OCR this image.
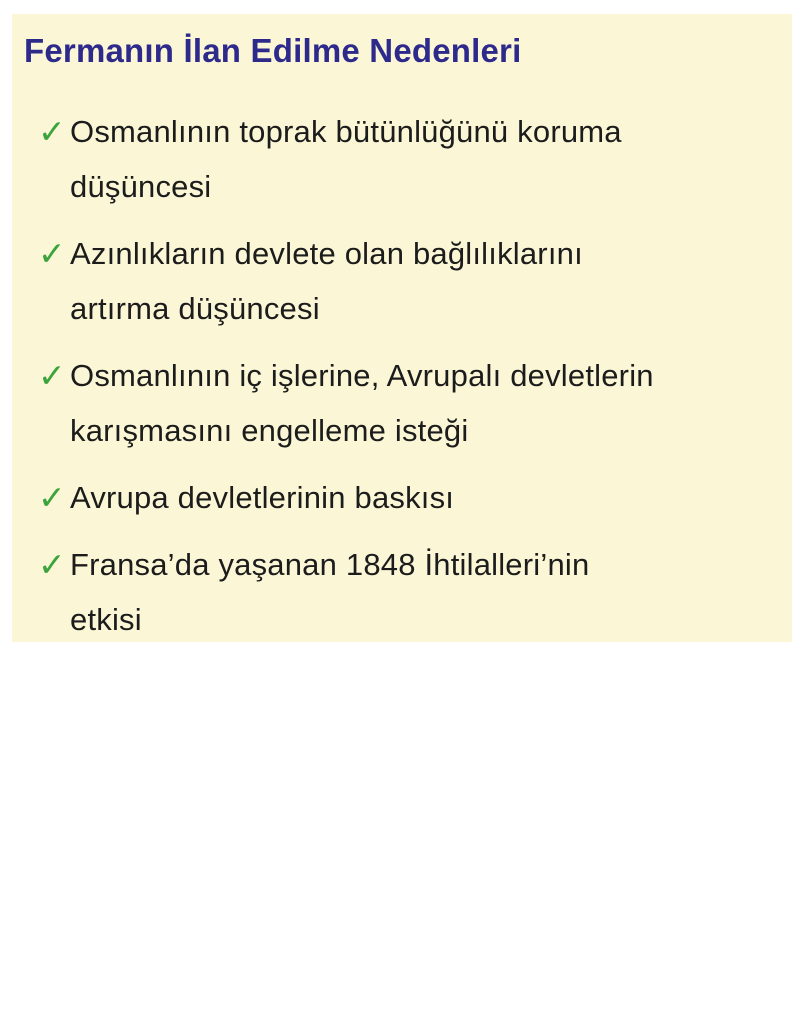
Fermanın İlan Edilme Nedenleri
✓ Osmanlının toprak bütünlüğünü koruma
düşüncesi
✓ Azınlıkların devlete olan bağlılıklarını
artırma düşüncesi
✓ Osmanlının iç işlerine, Avrupalı devletlerin
karışmasını engelleme isteği
✓ Avrupa devletlerinin baskısı
✓ Fransa’da yaşanan 1848 İhtilalleri’nin
etkisi
